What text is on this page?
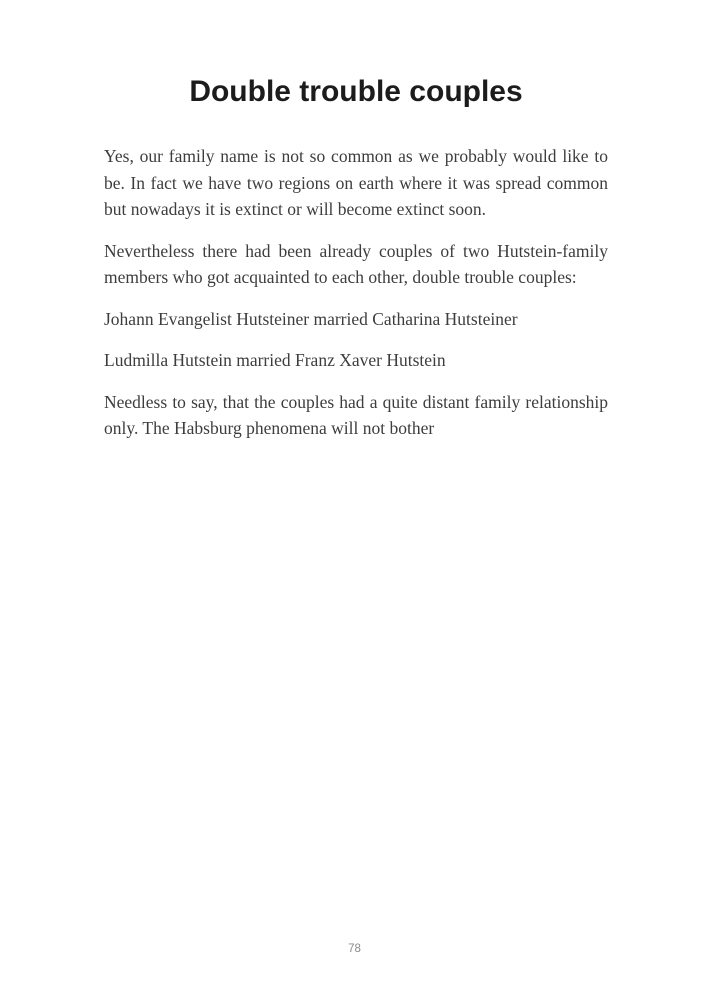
Double trouble couples

Yes, our family name is not so common as we probably would like to be. In fact we have two regions on earth where it was spread common but nowadays it is extinct or will become extinct soon.

Nevertheless there had been already couples of two Hutstein-family members who got acquainted to each other, double trouble couples:

Johann Evangelist Hutsteiner married Catharina Hutsteiner

Ludmilla Hutstein married Franz Xaver Hutstein

Needless to say, that the couples had a quite distant family relationship only. The Habsburg phenomena will not bother

78
